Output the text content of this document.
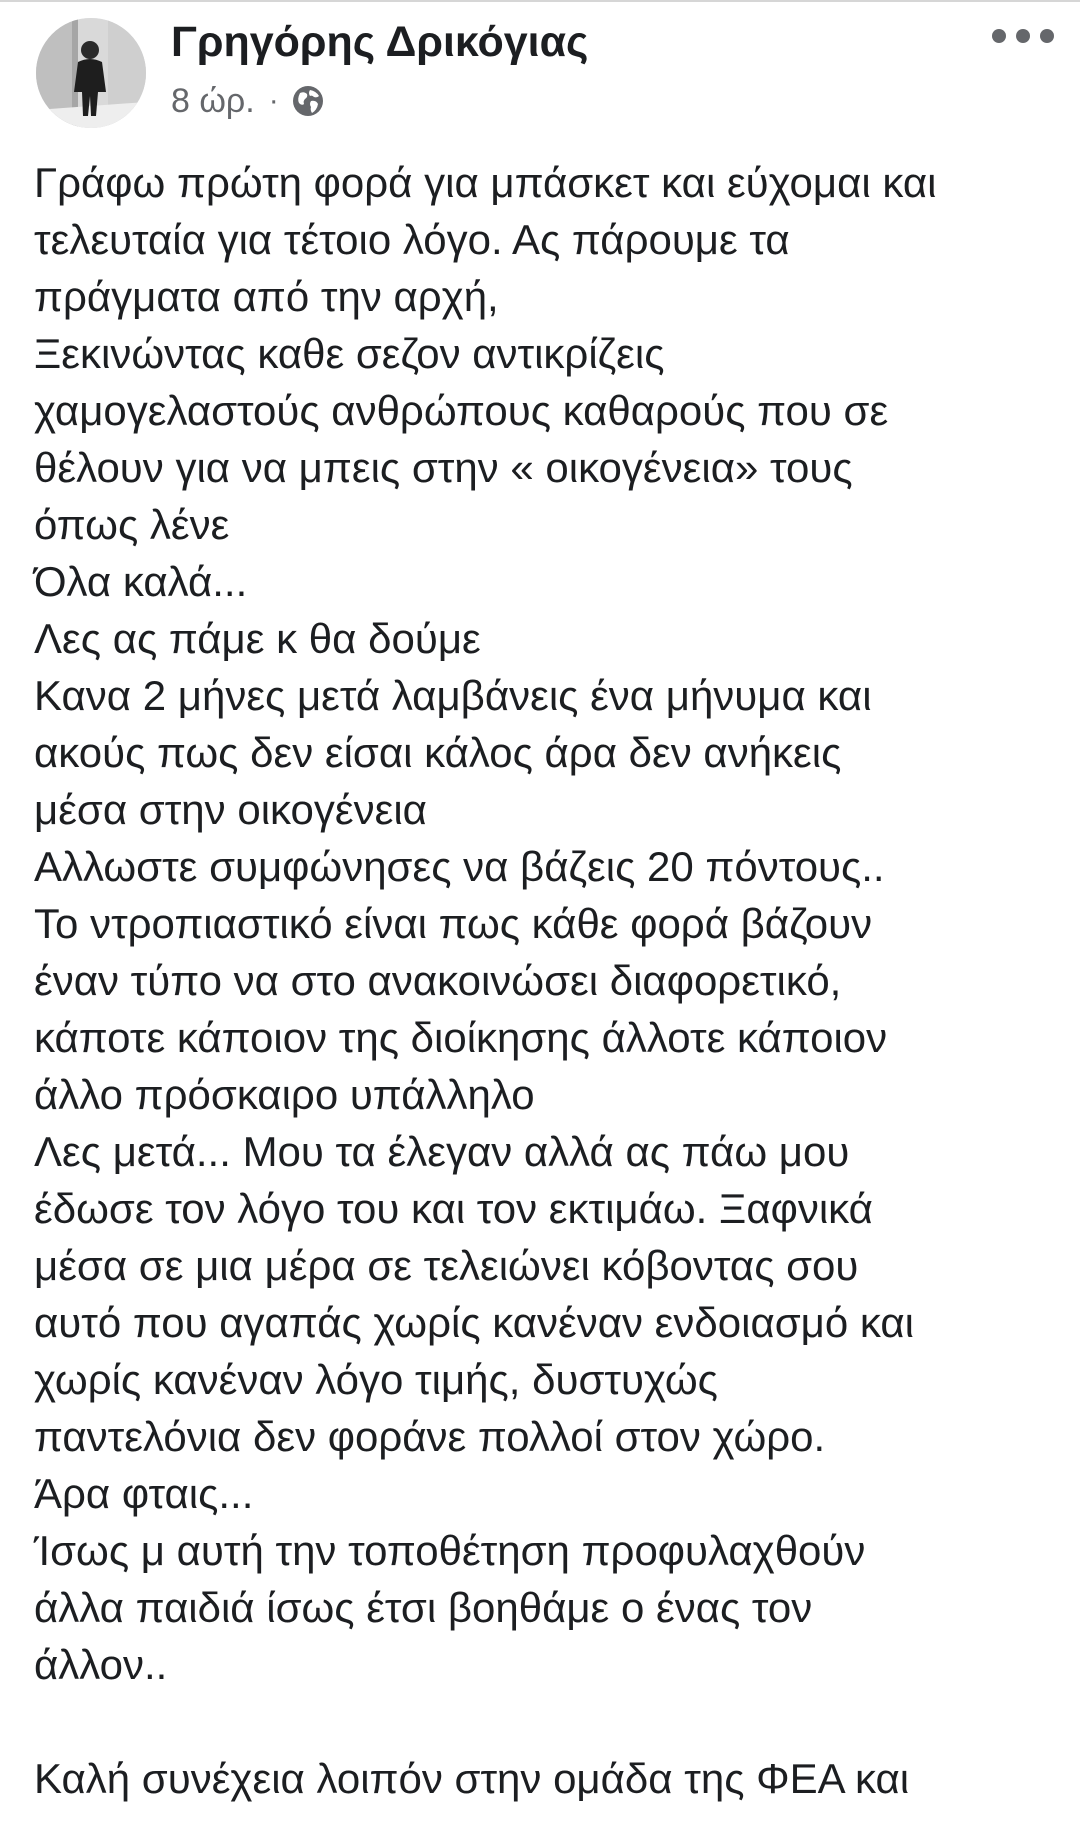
Γρηγόρης Δρικόγιας
8 ώρ. ·
Γράφω πρώτη φορά για μπάσκετ και εύχομαι και
τελευταία για τέτοιο λόγο. Ας πάρουμε τα
πράγματα από την αρχή,
Ξεκινώντας καθε σεζον αντικρίζεις
χαμογελαστούς ανθρώπους καθαρούς που σε
θέλουν για να μπεις στην « οικογένεια» τους
όπως λένε
Όλα καλά...
Λες ας πάμε κ θα δούμε
Κανα 2 μήνες μετά λαμβάνεις ένα μήνυμα και
ακούς πως δεν είσαι κάλος άρα δεν ανήκεις
μέσα στην οικογένεια
Αλλωστε συμφώνησες να βάζεις 20 πόντους..
Το ντροπιαστικό είναι πως κάθε φορά βάζουν
έναν τύπο να στο ανακοινώσει διαφορετικό,
κάποτε κάποιον της διοίκησης άλλοτε κάποιον
άλλο πρόσκαιρο υπάλληλο
Λες μετά... Μου τα έλεγαν αλλά ας πάω μου
έδωσε τον λόγο του και τον εκτιμάω. Ξαφνικά
μέσα σε μια μέρα σε τελειώνει κόβοντας σου
αυτό που αγαπάς χωρίς κανέναν ενδοιασμό και
χωρίς κανέναν λόγο τιμής, δυστυχώς
παντελόνια δεν φοράνε πολλοί στον χώρο.
Άρα φταις...
Ίσως μ αυτή την τοποθέτηση προφυλαχθούν
άλλα παιδιά ίσως έτσι βοηθάμε ο ένας τον
άλλον..
Καλή συνέχεια λοιπόν στην ομάδα της ΦΕΑ και
